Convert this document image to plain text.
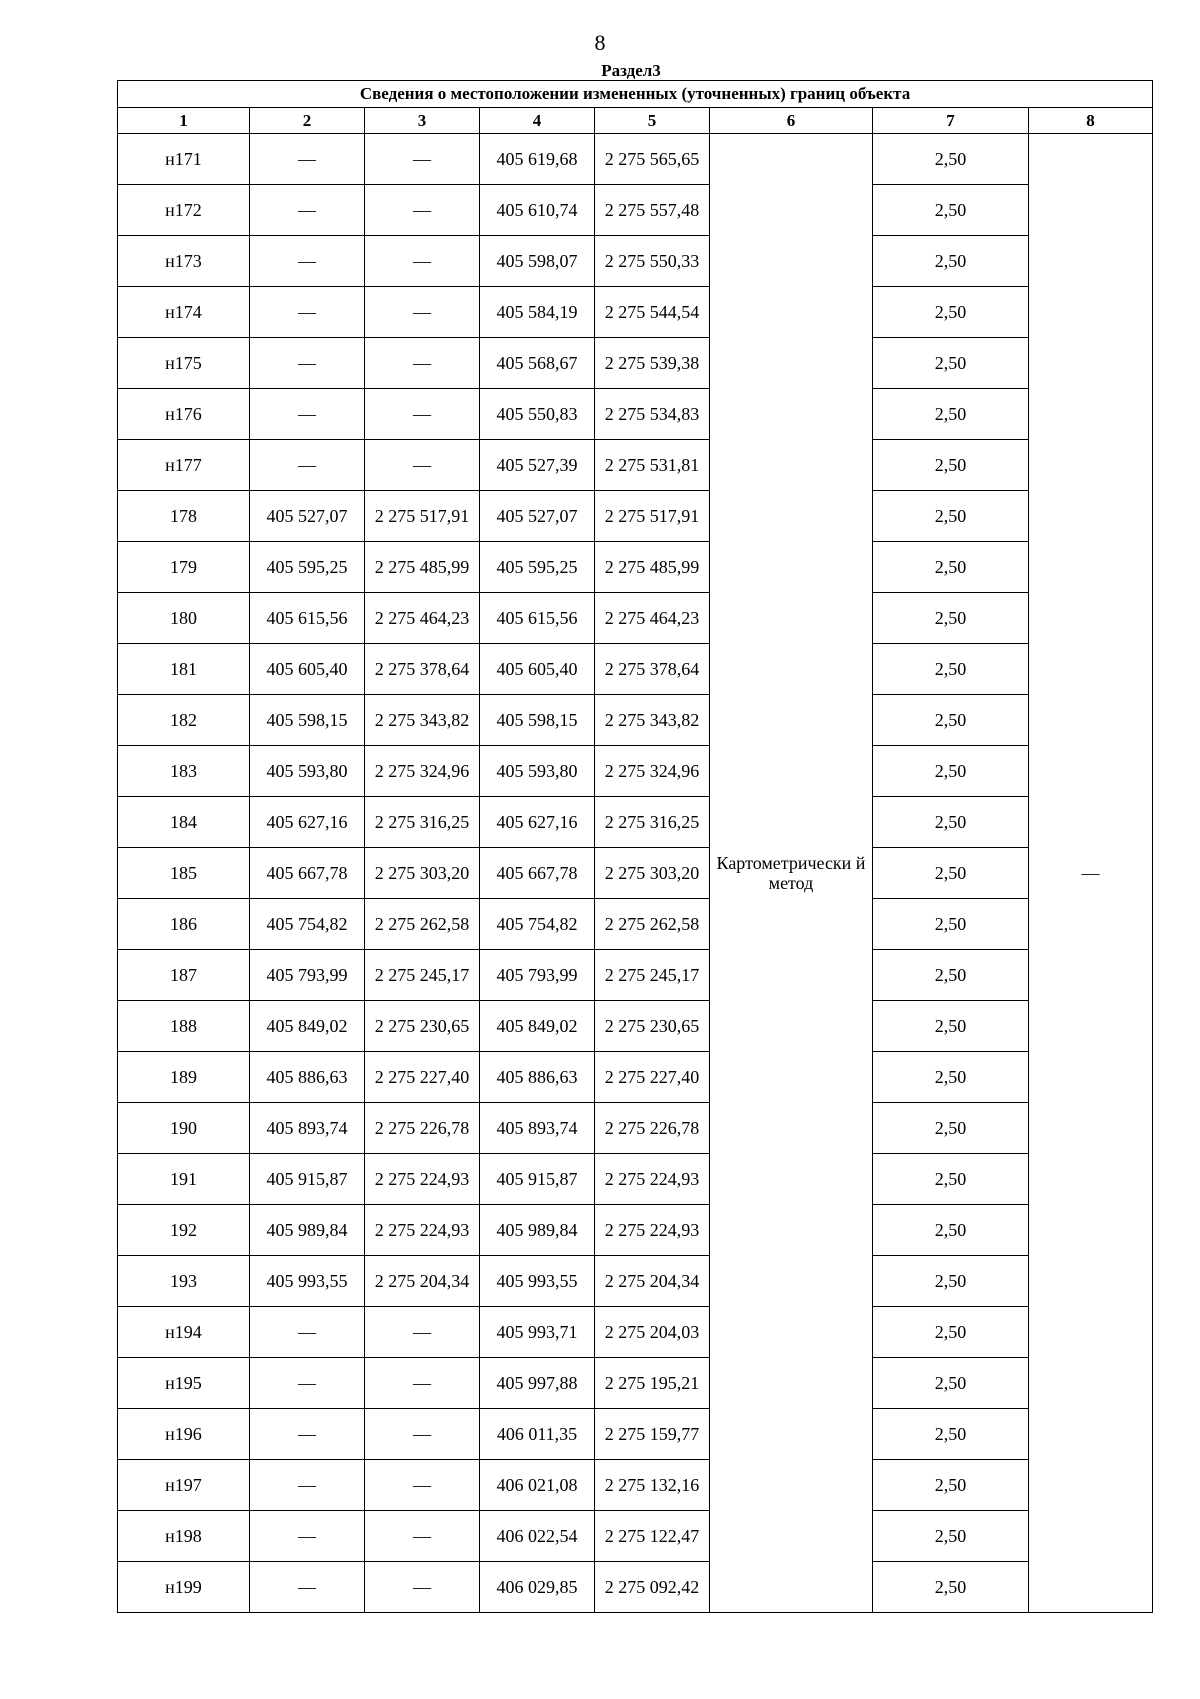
8
Раздел3
Сведения о местоположении измененных (уточненных) границ объекта							
1	2	3	4	5	6	7	8
н171	—	—	405 619,68	2 275 565,65	Картометрически й метод	2,50	—
н172	—	—	405 610,74	2 275 557,48		2,50	
н173	—	—	405 598,07	2 275 550,33		2,50	
н174	—	—	405 584,19	2 275 544,54		2,50	
н175	—	—	405 568,67	2 275 539,38		2,50	
н176	—	—	405 550,83	2 275 534,83		2,50	
н177	—	—	405 527,39	2 275 531,81		2,50	
178	405 527,07	2 275 517,91	405 527,07	2 275 517,91		2,50	
179	405 595,25	2 275 485,99	405 595,25	2 275 485,99		2,50	
180	405 615,56	2 275 464,23	405 615,56	2 275 464,23		2,50	
181	405 605,40	2 275 378,64	405 605,40	2 275 378,64		2,50	
182	405 598,15	2 275 343,82	405 598,15	2 275 343,82		2,50	
183	405 593,80	2 275 324,96	405 593,80	2 275 324,96		2,50	
184	405 627,16	2 275 316,25	405 627,16	2 275 316,25		2,50	
185	405 667,78	2 275 303,20	405 667,78	2 275 303,20		2,50	
186	405 754,82	2 275 262,58	405 754,82	2 275 262,58		2,50	
187	405 793,99	2 275 245,17	405 793,99	2 275 245,17		2,50	
188	405 849,02	2 275 230,65	405 849,02	2 275 230,65		2,50	
189	405 886,63	2 275 227,40	405 886,63	2 275 227,40		2,50	
190	405 893,74	2 275 226,78	405 893,74	2 275 226,78		2,50	
191	405 915,87	2 275 224,93	405 915,87	2 275 224,93		2,50	
192	405 989,84	2 275 224,93	405 989,84	2 275 224,93		2,50	
193	405 993,55	2 275 204,34	405 993,55	2 275 204,34		2,50	
н194	—	—	405 993,71	2 275 204,03		2,50	
н195	—	—	405 997,88	2 275 195,21		2,50	
н196	—	—	406 011,35	2 275 159,77		2,50	
н197	—	—	406 021,08	2 275 132,16		2,50	
н198	—	—	406 022,54	2 275 122,47		2,50	
н199	—	—	406 029,85	2 275 092,42		2,50	
